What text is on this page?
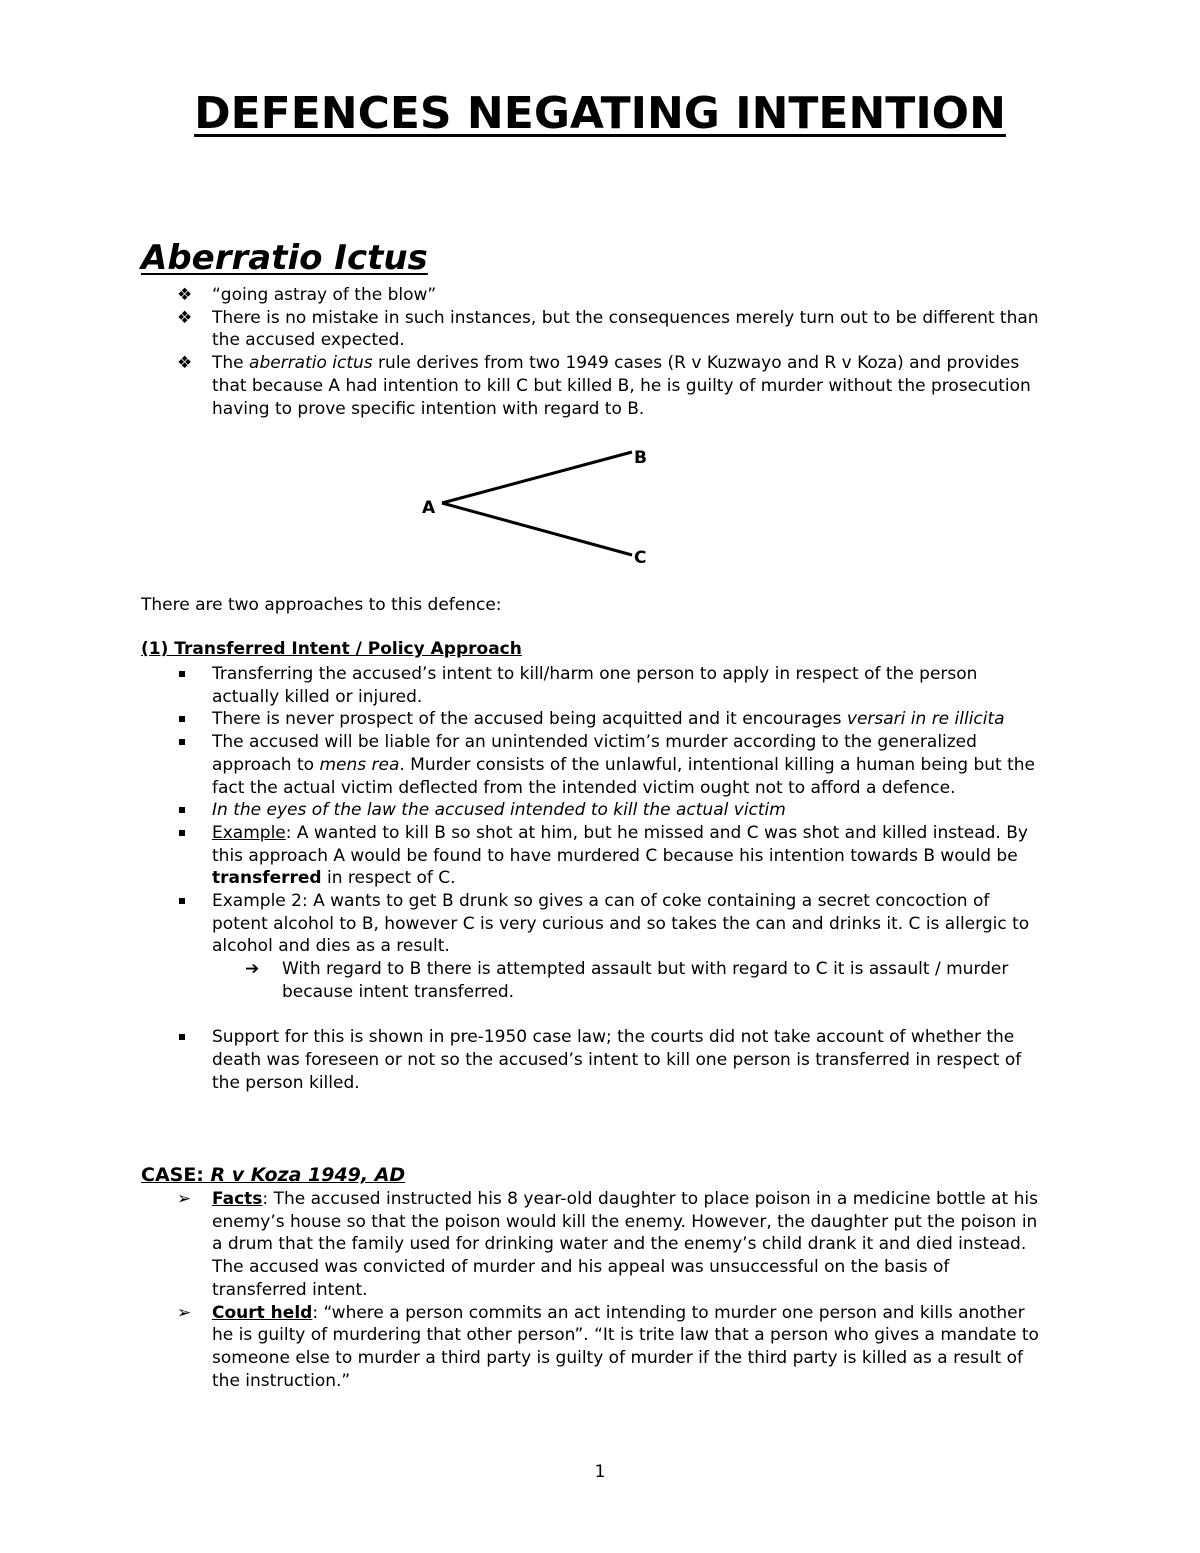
DEFENCES NEGATING INTENTION
Aberratio Ictus
❖ “going astray of the blow”
❖ There is no mistake in such instances, but the consequences merely turn out to be different than the accused expected.
❖ The aberratio ictus rule derives from two 1949 cases (R v Kuzwayo and R v Koza) and provides that because A had intention to kill C but killed B, he is guilty of murder without the prosecution having to prove specific intention with regard to B.
A
B
C

There are two approaches to this defence:

(1) Transferred Intent / Policy Approach

Transferring the accused’s intent to kill/harm one person to apply in respect of the person actually killed or injured.
There is never prospect of the accused being acquitted and it encourages versari in re illicita
The accused will be liable for an unintended victim’s murder according to the generalized approach to mens rea. Murder consists of the unlawful, intentional killing a human being but the fact the actual victim deflected from the intended victim ought not to afford a defence.
In the eyes of the law the accused intended to kill the actual victim
Example: A wanted to kill B so shot at him, but he missed and C was shot and killed instead. By this approach A would be found to have murdered C because his intention towards B would be transferred in respect of C.
Example 2: A wants to get B drunk so gives a can of coke containing a secret concoction of potent alcohol to B, however C is very curious and so takes the can and drinks it. C is allergic to alcohol and dies as a result.
➔ With regard to B there is attempted assault but with regard to C it is assault / murder because intent transferred.
Support for this is shown in pre-1950 case law; the courts did not take account of whether the death was foreseen or not so the accused’s intent to kill one person is transferred in respect of the person killed.

CASE: R v Koza 1949, AD

➢	Facts: The accused instructed his 8 year-old daughter to place poison in a medicine bottle at his enemy’s house so that the poison would kill the enemy. However, the daughter put the poison in a drum that the family used for drinking water and the enemy’s child drank it and died instead. The accused was convicted of murder and his appeal was unsuccessful on the basis of transferred intent.
➢	Court held: “where a person commits an act intending to murder one person and kills another he is guilty of murdering that other person”. “It is trite law that a person who gives a mandate to someone else to murder a third party is guilty of murder if the third party is killed as a result of the instruction.”
1
